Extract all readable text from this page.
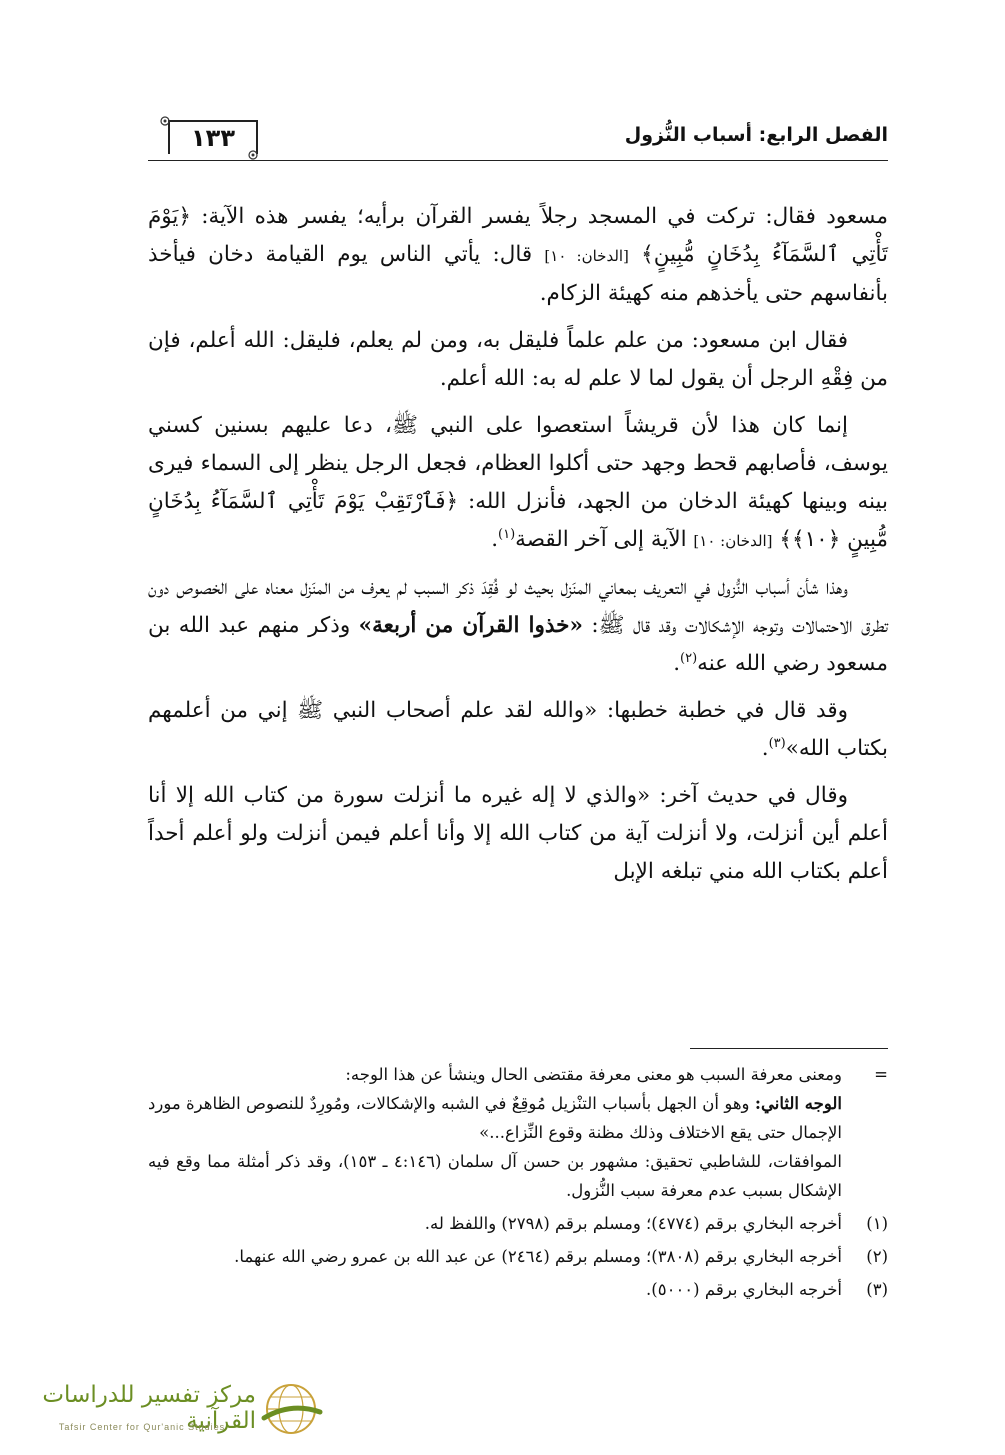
الفصل الرابع: أسباب النُّزول
١٣٣

مسعود فقال: تركت في المسجد رجلاً يفسر القرآن برأيه؛ يفسر هذه الآية: ﴿يَوْمَ تَأْتِي ٱلسَّمَآءُ بِدُخَانٍ مُّبِينٍ﴾ [الدخان: ١٠] قال: يأتي الناس يوم القيامة دخان فيأخذ بأنفاسهم حتى يأخذهم منه كهيئة الزكام.

فقال ابن مسعود: من علم علماً فليقل به، ومن لم يعلم، فليقل: الله أعلم، فإن من فِقْهِ الرجل أن يقول لما لا علم له به: الله أعلم.

إنما كان هذا لأن قريشاً استعصوا على النبي ﷺ، دعا عليهم بسنين كسني يوسف، فأصابهم قحط وجهد حتى أكلوا العظام، فجعل الرجل ينظر إلى السماء فيرى بينه وبينها كهيئة الدخان من الجهد، فأنزل الله: ﴿فَٱرْتَقِبْ يَوْمَ تَأْتِي ٱلسَّمَآءُ بِدُخَانٍ مُّبِينٍ ﴿١٠﴾﴾ [الدخان: ١٠] الآية إلى آخر القصة$^{(١)}$.

وهذا شأن أسباب النُّزول في التعريف بمعاني المنَزل بحيث لو فُقِدَ ذكر السبب لم يعرف من المنَزل معناه على الخصوص دون تطرق الاحتمالات وتوجه الإشكالات وقد قال ﷺ: «خذوا القرآن من أربعة» وذكر منهم عبد الله بن مسعود رضي الله عنه$^{(٢)}$.

وقد قال في خطبة خطبها: «والله لقد علم أصحاب النبي ﷺ إني من أعلمهم بكتاب الله»$^{(٣)}$.

وقال في حديث آخر: «والذي لا إله غيره ما أنزلت سورة من كتاب الله إلا أنا أعلم أين أنزلت، ولا أنزلت آية من كتاب الله إلا وأنا أعلم فيمن أنزلت ولو أعلم أحداً أعلم بكتاب الله مني تبلغه الإبل

=
ومعنى معرفة السبب هو معنى معرفة مقتضى الحال وينشأ عن هذا الوجه:
الوجه الثاني: وهو أن الجهل بأسباب التنْزيل مُوقِعٌ في الشبه والإشكالات، ومُورِدٌ للنصوص الظاهرة مورد الإجمال حتى يقع الاختلاف وذلك مظنة وقوع النِّزاع...»
الموافقات، للشاطبي تحقيق: مشهور بن حسن آل سلمان (٤:١٤٦ ـ ١٥٣)، وقد ذكر أمثلة مما وقع فيه الإشكال بسبب عدم معرفة سبب النُّزول.
(١)
أخرجه البخاري برقم (٤٧٧٤)؛ ومسلم برقم (٢٧٩٨) واللفظ له.
(٢)
أخرجه البخاري برقم (٣٨٠٨)؛ ومسلم برقم (٢٤٦٤) عن عبد الله بن عمرو رضي الله عنهما.
(٣)
أخرجه البخاري برقم (٥٠٠٠).
مركز تفسير للدراسات القرآنية
Tafsir Center for Qur'anic Studies
